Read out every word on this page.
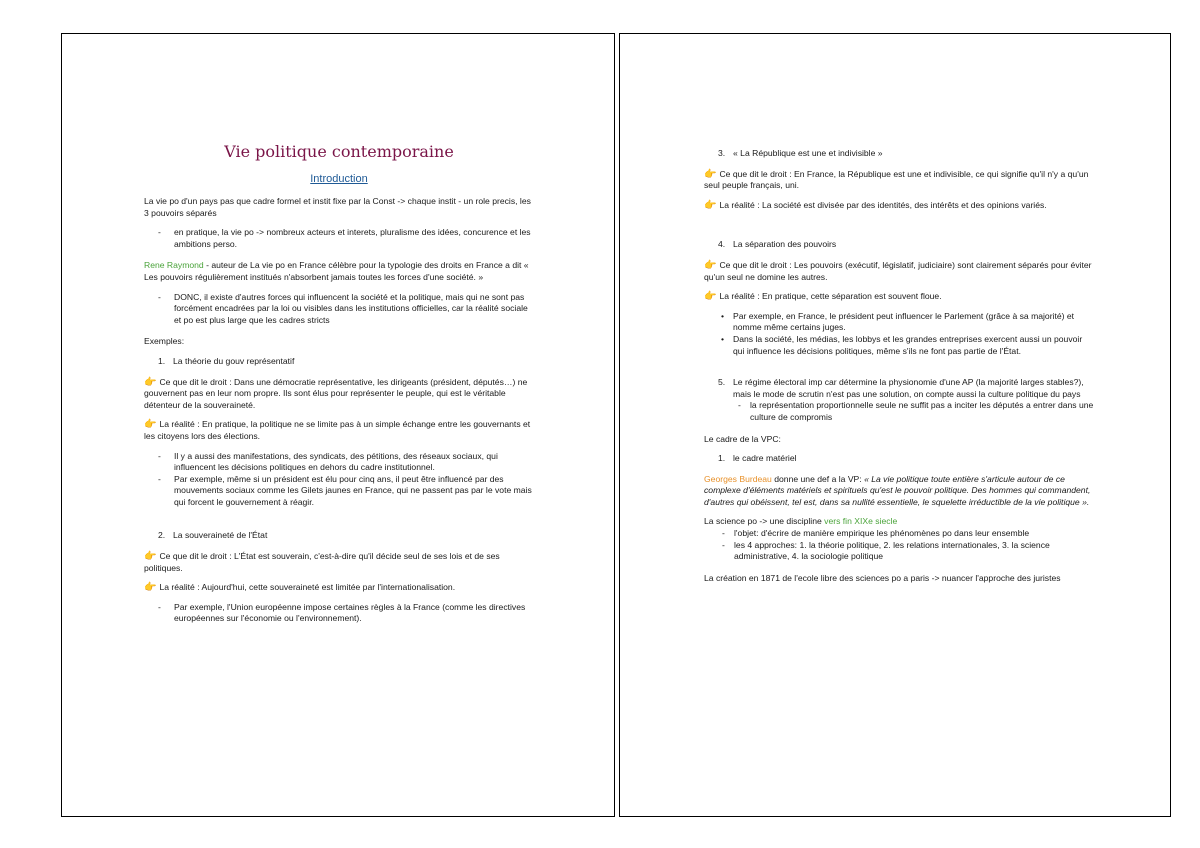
Vie politique contemporaine
Introduction

La vie po d'un pays pas que cadre formel et instit fixe par la Const -> chaque instit - un role precis, les 3 pouvoirs séparés

- en pratique, la vie po -> nombreux acteurs et interets, pluralisme des idées, concurence et les ambitions perso.

Rene Raymond - auteur de La vie po en France célèbre pour la typologie des droits en France a dit « Les pouvoirs régulièrement institués n'absorbent jamais toutes les forces d'une société. »

- DONC, il existe d'autres forces qui influencent la société et la politique, mais qui ne sont pas forcément encadrées par la loi ou visibles dans les institutions officielles, car la réalité sociale et po est plus large que les cadres stricts

Exemples:

1. La théorie du gouv représentatif

👉 Ce que dit le droit : Dans une démocratie représentative, les dirigeants (président, députés…) ne gouvernent pas en leur nom propre. Ils sont élus pour représenter le peuple, qui est le véritable détenteur de la souveraineté.

👉 La réalité : En pratique, la politique ne se limite pas à un simple échange entre les gouvernants et les citoyens lors des élections.

- Il y a aussi des manifestations, des syndicats, des pétitions, des réseaux sociaux, qui influencent les décisions politiques en dehors du cadre institutionnel.
- Par exemple, même si un président est élu pour cinq ans, il peut être influencé par des mouvements sociaux comme les Gilets jaunes en France, qui ne passent pas par le vote mais qui forcent le gouvernement à réagir.
2. La souveraineté de l'État

👉 Ce que dit le droit : L'État est souverain, c'est-à-dire qu'il décide seul de ses lois et de ses politiques.

👉 La réalité : Aujourd'hui, cette souveraineté est limitée par l'internationalisation.

- Par exemple, l'Union européenne impose certaines règles à la France (comme les directives européennes sur l'économie ou l'environnement).
3. « La République est une et indivisible »

👉 Ce que dit le droit : En France, la République est une et indivisible, ce qui signifie qu'il n'y a qu'un seul peuple français, uni.

👉 La réalité : La société est divisée par des identités, des intérêts et des opinions variés.

4. La séparation des pouvoirs

👉 Ce que dit le droit : Les pouvoirs (exécutif, législatif, judiciaire) sont clairement séparés pour éviter qu'un seul ne domine les autres.

👉 La réalité : En pratique, cette séparation est souvent floue.

• Par exemple, en France, le président peut influencer le Parlement (grâce à sa majorité) et nomme même certains juges.
• Dans la société, les médias, les lobbys et les grandes entreprises exercent aussi un pouvoir qui influence les décisions politiques, même s'ils ne font pas partie de l'État.
5. Le régime électoral imp car détermine la physionomie d'une AP (la majorité larges stables?), mais le mode de scrutin n'est pas une solution, on compte aussi la culture politique du pays
- la représentation proportionnelle seule ne suffit pas a inciter les députés a entrer dans une culture de compromis

Le cadre de la VPC:

1. le cadre matériel

Georges Burdeau donne une def a la VP: « La vie politique toute entière s'articule autour de ce complexe d'éléments matériels et spirituels qu'est le pouvoir politique. Des hommes qui commandent, d'autres qui obéissent, tel est, dans sa nullité essentielle, le squelette irréductible de la vie politique ».

La science po -> une discipline vers fin XIXe siecle

- l'objet: d'écrire de manière empirique les phénomènes po dans leur ensemble
- les 4 approches: 1. la théorie politique, 2. les relations internationales, 3. la science administrative, 4. la sociologie politique

La création en 1871 de l'ecole libre des sciences po a paris -> nuancer l'approche des juristes
